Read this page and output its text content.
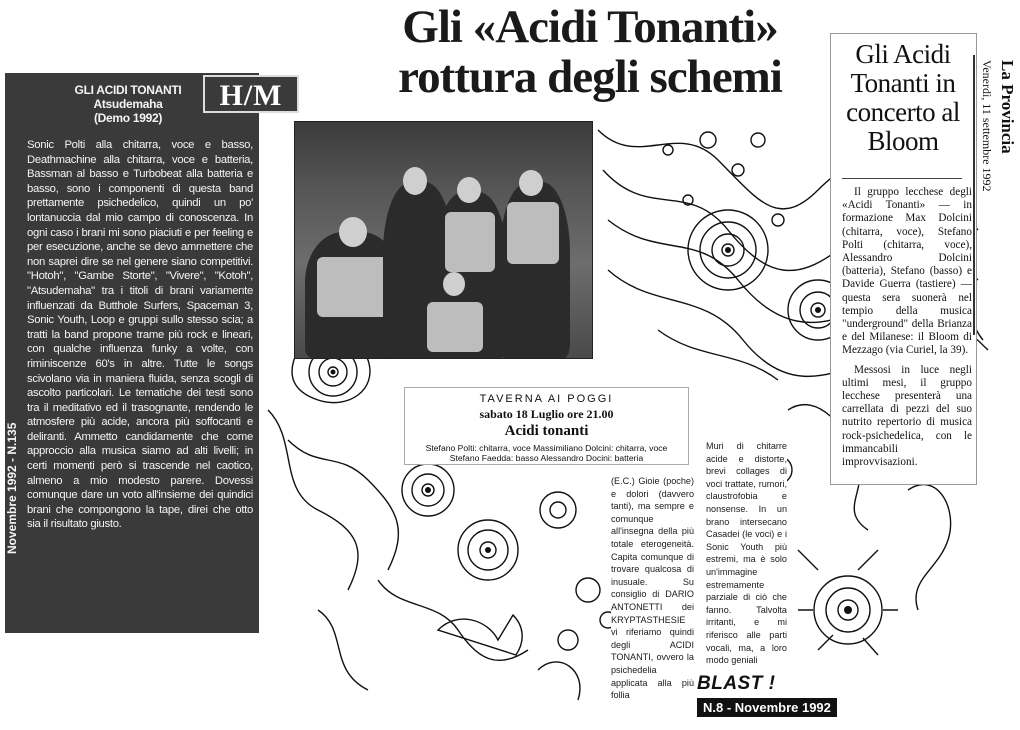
GLI ACIDI TONANTI
Atsudemaha
(Demo 1992)
Sonic Polti alla chitarra, voce e basso, Deathmachine alla chitarra, voce e batteria, Bassman al basso e Turbobeat alla batteria e basso, sono i componenti di questa band prettamente psichedelico, quindi un po' lontanuccia dal mio campo di conoscenza. In ogni caso i brani mi sono piaciuti e per feeling e per esecuzione, anche se devo ammettere che non saprei dire se nel genere siano competitivi. "Hotoh", "Gambe Storte", "Vivere", "Kotoh", "Atsudemaha" tra i titoli di brani variamente influenzati da Butthole Surfers, Spaceman 3, Sonic Youth, Loop e gruppi sullo stesso scia; a tratti la band propone trame più rock e lineari, con qualche influenza funky a volte, con riminiscenze 60's in altre. Tutte le songs scivolano via in maniera fluida, senza scogli di ascolto particolari. Le tematiche dei testi sono tra il meditativo ed il trasognante, rendendo le atmosfere più acide, ancora più soffocanti e deliranti. Ammetto candidamente che come approccio alla musica siamo ad alti livelli; in certi momenti però si trascende nel caotico, almeno a mio modesto parere. Dovessi comunque dare un voto all'insieme dei quindici brani che compongono la tape, direi che otto sia il risultato giusto.
Novembre 1992 - N.135
H/M
Gli «Acidi Tonanti»
rottura degli schemi
TAVERNA AI POGGI
sabato 18 Luglio ore 21.00
Acidi tonanti
Stefano Polti: chitarra, voce Massimiliano Dolcini: chitarra, voce
Stefano Faedda: basso Alessandro Docini: batteria
(E.C.) Gioie (poche) e dolori (davvero tanti), ma sempre e comunque all'insegna della più totale eterogeneità. Capita comunque di trovare qualcosa di inusuale. Su consiglio di DARIO ANTONETTI dei KRYPTASTHESIE vi riferiamo quindi degli ACIDI TONANTI, ovvero la psichedelia applicata alla più follia
Muri di chitarre acide e distorte, brevi collages di voci trattate, rumori, claustrofobia e nonsense. In un brano intersecano Casadei (le voci) e i Sonic Youth più estremi, ma è solo un'immagine estremamente parziale di ciò che fanno. Talvolta irritanti, e mi riferisco alle parti vocali, ma, a loro modo geniali
BLAST !
N.8 - Novembre 1992
Gli Acidi Tonanti in concerto al Bloom

Il gruppo lecchese degli «Acidi Tonanti» — in formazione Max Dolcini (chitarra, voce), Stefano Polti (chitarra, voce), Alessandro Dolcini (batteria), Stefano (basso) e Davide Guerra (tastiere) — questa sera suonerà nel tempio della musica "underground" della Brianza e del Milanese: il Bloom di Mezzago (via Curiel, la 39).

Messosi in luce negli ultimi mesi, il gruppo lecchese presenterà una carrellata di pezzi del suo nutrito repertorio di musica rock-psichedelica, con le immancabili improvvisazioni.

La Provincia
Venerdì, 11 settembre 1992
